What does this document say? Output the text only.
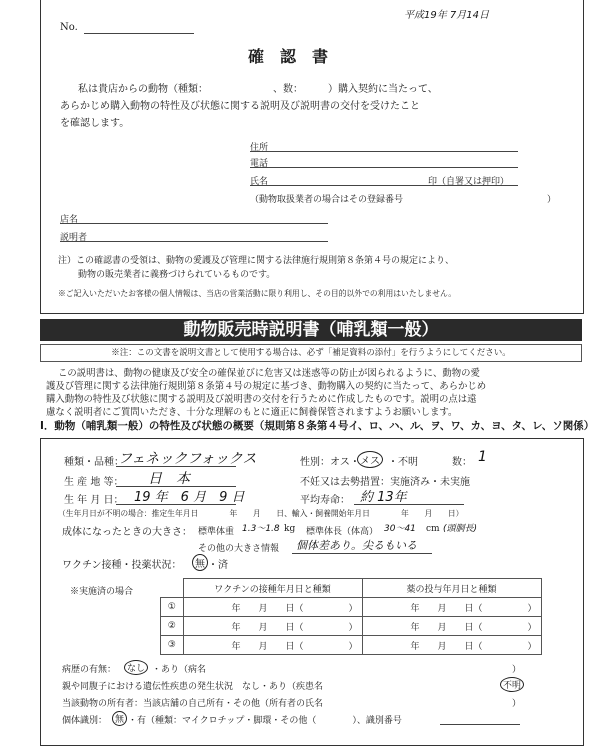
平成19年 7月14日
No.
確　認　書
私は貴店からの動物（種類：　　　　　　　、数：　　　）購入契約に当たって、
あらかじめ購入動物の特性及び状態に関する説明及び説明書の交付を受けたこと
を確認します。
住所
電話
氏名	印（自署又は押印）
（動物取扱業者の場合はその登録番号　　　　　　　　　　　　　　　　）
店名
説明者
注）この確認書の受領は、動物の愛護及び管理に関する法律施行規則第８条第４号の規定により、
動物の販売業者に義務づけられているものです。
※ご記入いただいたお客様の個人情報は、当店の営業活動に限り利用し、その目的以外での利用はいたしません。
動物販売時説明書（哺乳類一般）
※注：この文書を説明文書として使用する場合は、必ず「補足資料の添付」を行うようにしてください。
この説明書は、動物の健康及び安全の確保並びに危害又は迷惑等の防止が図られるように、動物の愛
護及び管理に関する法律施行規則第８条第４号の規定に基づき、動物購入の契約に当たって、あらかじめ
購入動物の特性及び状態に関する説明及び説明書の交付を行うために作成したものです。説明の点は遠
慮なく説明者にご質問いただき、十分な理解のもとに適正に飼養保管されますようお願いします。
Ⅰ．動物（哺乳類一般）の特性及び状態の概要（規則第８条第４号イ、ロ、ハ、ル、ヲ、ワ、カ、ヨ、タ、レ、ソ関係）
種類・品種：
フェネックフォックス	性別：オス・ メス ・不明	数： 1
生 産 地 等： 日　本	不妊又は去勢措置：実施済み・未実施
生 年 月 日： 19 年　6 月　9 日	平均寿命： 約 13年
（生年月日が不明の場合：推定生年月日　　　　年　　月　　日、輸入・飼養開始年月日　　　　年　　月　　日）
成体になったときの大きさ： 標準体重 1.3〜1.8 kg 標準体長（体高） 30〜41 cm (頭胴長)
その他の大きさ情報 個体差あり。尖るもいる
ワクチン接種・投薬状況：	無 ・済
※実施済の場合
		ワクチンの接種年月日と種類	薬の投与年月日と種類
①	年　　月　　日（　　　　　）	年　　月　　日（　　　　　）
②	年　　月　　日（　　　　　）	年　　月　　日（　　　　　）
③	年　　月　　日（　　　　　）	年　　月　　日（　　　　　）
病歴の有無：	なし ・あり（病名	）
親や同腹子における遺伝性疾患の発生状況　なし・あり（疾患名	不明
当該動物の所有者：当該店舗の自己所有・その他（所有者の氏名	）
個体識別： 無 ・有（種類：マイクロチップ・脚環・その他（　　　　）、識別番号
